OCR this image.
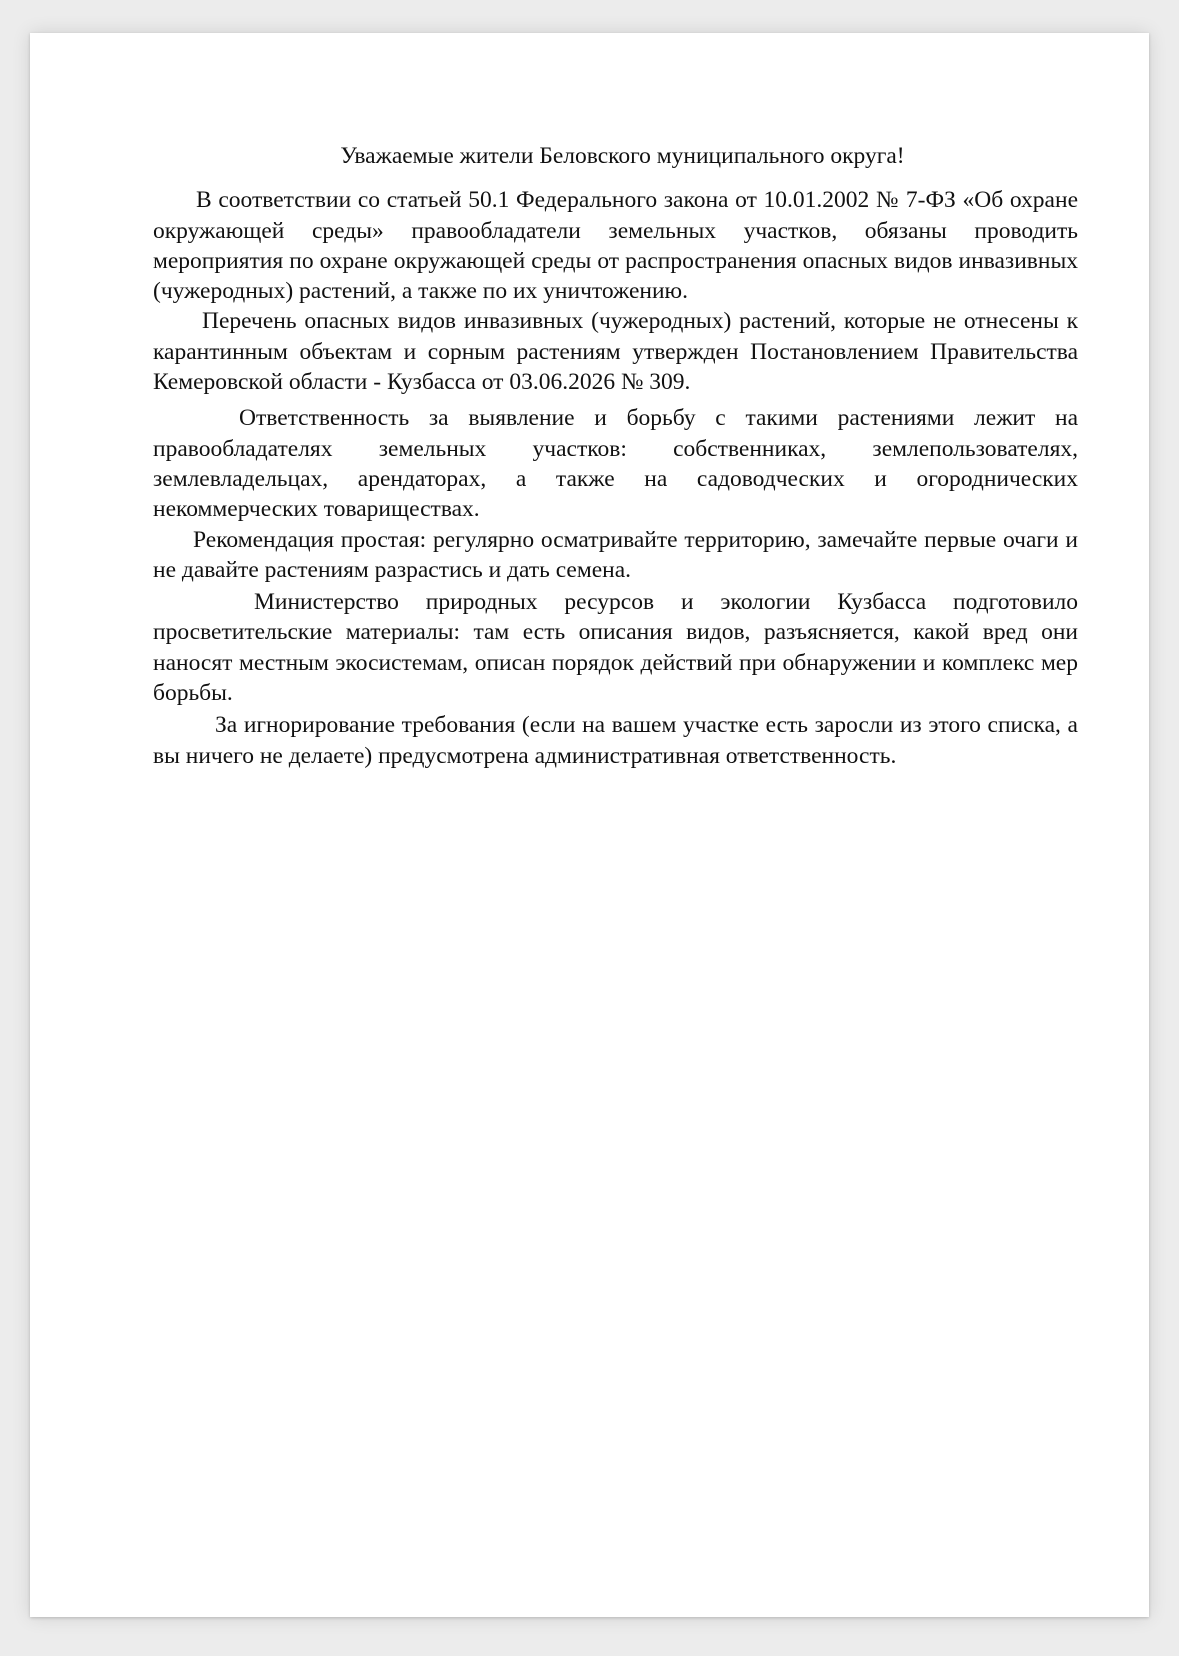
Уважаемые жители Беловского муниципального округа!

В соответствии со статьей 50.1 Федерального закона от 10.01.2002 № 7-ФЗ «Об охране окружающей среды» правообладатели земельных участков, обязаны проводить мероприятия по охране окружающей среды от распространения опасных видов инвазивных (чужеродных) растений, а также по их уничтожению.

Перечень опасных видов инвазивных (чужеродных) растений, которые не отнесены к карантинным объектам и сорным растениям утвержден Постановлением Правительства Кемеровской области - Кузбасса от 03.06.2026 № 309.

Ответственность за выявление и борьбу с такими растениями лежит на правообладателях земельных участков: собственниках, землепользователях, землевладельцах, арендаторах, а также на садоводческих и огороднических некоммерческих товариществах.

Рекомендация простая: регулярно осматривайте территорию, замечайте первые очаги и не давайте растениям разрастись и дать семена.

Министерство природных ресурсов и экологии Кузбасса подготовило просветительские материалы: там есть описания видов, разъясняется, какой вред они наносят местным экосистемам, описан порядок действий при обнаружении и комплекс мер борьбы.

За игнорирование требования (если на вашем участке есть заросли из этого списка, а вы ничего не делаете) предусмотрена административная ответственность.
